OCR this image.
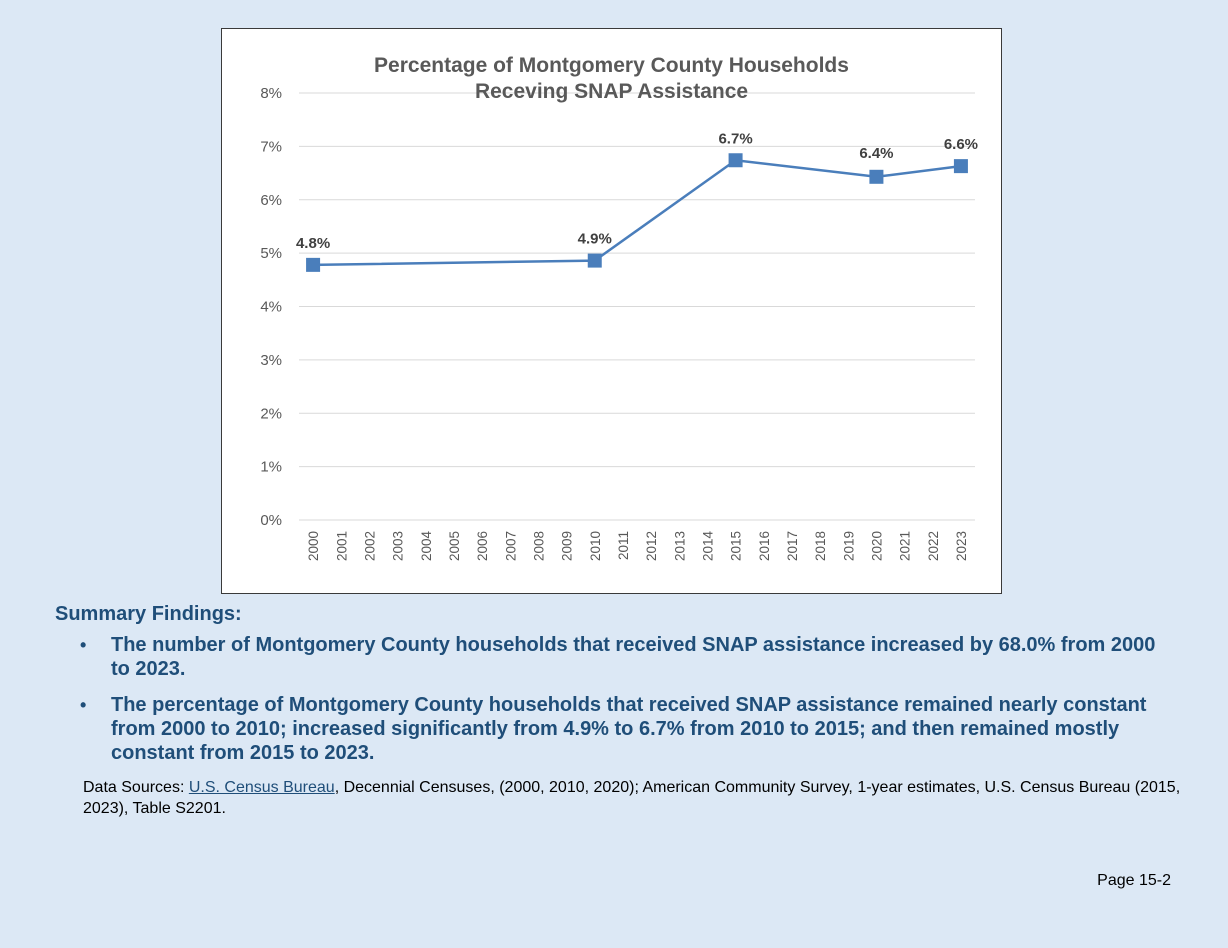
0%
1%
2%
3%
4%
5%
6%
7%
8%
2000 2001 2002 2003 2004 2005 2006 2007 2008 2009 2010 2011 2012 2013 2014 2015 2016 2017 2018 2019 2020 2021 2022 2023
4.8%	4.9%
6.7%
6.4%
6.6%
Percentage of Montgomery County Households
Receving SNAP Assistance
Summary Findings:
• The number of Montgomery County households that received SNAP assistance increased by 68.0% from 2000 to 2023.
• The percentage of Montgomery County households that received SNAP assistance remained nearly constant from 2000 to 2010; increased significantly from 4.9% to 6.7% from 2010 to 2015; and then remained mostly constant from 2015 to 2023.

Data Sources: U.S. Census Bureau, Decennial Censuses, (2000, 2010, 2020); American Community Survey, 1-year estimates, U.S. Census Bureau (2015, 2023), Table S2201.

Page 15-2
